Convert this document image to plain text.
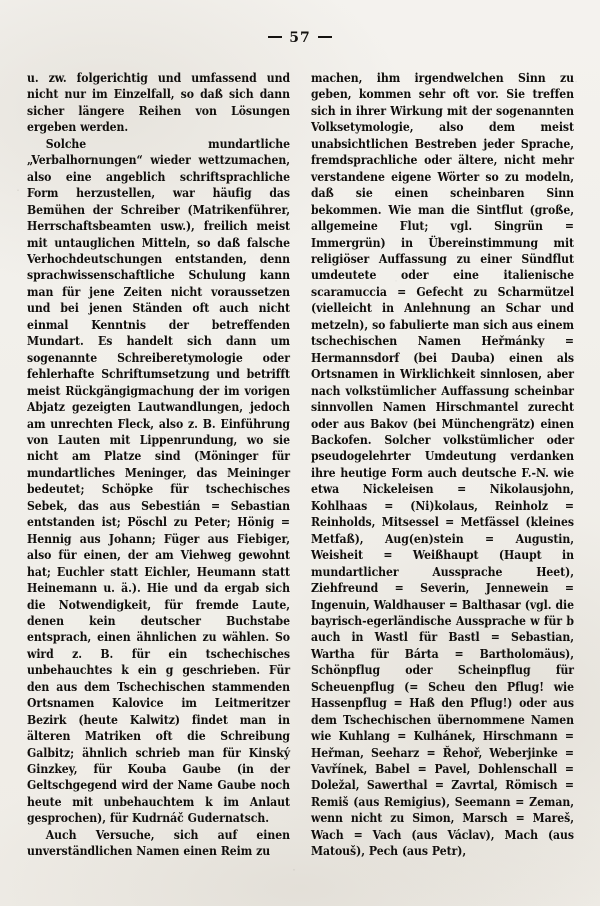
57

u. zw. folgerichtig und umfassend und nicht nur im Einzelfall, so daß sich dann sicher längere Reihen von Lösungen ergeben werden.

Solche mundartliche „Verbalhornungen“ wieder wettzumachen, also eine angeblich schriftsprachliche Form herzustellen, war häufig das Bemühen der Schreiber (Matrikenführer, Herrschaftsbeamten usw.), freilich meist mit untauglichen Mitteln, so daß falsche Verhochdeutschungen entstanden, denn sprachwissenschaftliche Schulung kann man für jene Zeiten nicht voraussetzen und bei jenen Ständen oft auch nicht einmal Kenntnis der betreffenden Mundart. Es handelt sich dann um sogenannte Schreiberetymologie oder fehlerhafte Schriftumsetzung und betrifft meist Rückgängigmachung der im vorigen Abjatz gezeigten Lautwandlungen, jedoch am unrechten Fleck, also z. B. Einführung von Lauten mit Lippenrundung, wo sie nicht am Platze sind (Möninger für mundartliches Meninger, das Meininger bedeutet; Schöpke für tschechisches Sebek, das aus Sebestián = Sebastian entstanden ist; Pöschl zu Peter; Hönig = Hennig aus Johann; Füger aus Fiebiger, also für einen, der am Viehweg gewohnt hat; Euchler statt Eichler, Heumann statt Heinemann u. ä.). Hie und da ergab sich die Notwendigkeit, für fremde Laute, denen kein deutscher Buchstabe entsprach, einen ähnlichen zu wählen. So wird z. B. für ein tschechisches unbehauchtes k ein g geschrieben. Für den aus dem Tschechischen stammenden Ortsnamen Kalovice im Leitmeritzer Bezirk (heute Kalwitz) findet man in älteren Matriken oft die Schreibung Galbitz; ähnlich schrieb man für Kinský Ginzkey, für Kouba Gaube (in der Geltschgegend wird der Name Gaube noch heute mit unbehauchtem k im Anlaut gesprochen), für Kudrnáč Gudernatsch.

Auch Versuche, sich auf einen unverständlichen Namen einen Reim zu

machen, ihm irgendwelchen Sinn zu geben, kommen sehr oft vor. Sie treffen sich in ihrer Wirkung mit der sogenannten Volksetymologie, also dem meist unabsichtlichen Bestreben jeder Sprache, fremdsprachliche oder ältere, nicht mehr verstandene eigene Wörter so zu modeln, daß sie einen scheinbaren Sinn bekommen. Wie man die Sintflut (große, allgemeine Flut; vgl. Singrün = Immergrün) in Übereinstimmung mit religiöser Auffassung zu einer Sündflut umdeutete oder eine italienische scaramuccia = Gefecht zu Scharmützel (vielleicht in Anlehnung an Schar und metzeln), so fabulierte man sich aus einem tschechischen Namen Heřmánky = Hermannsdorf (bei Dauba) einen als Ortsnamen in Wirklichkeit sinnlosen, aber nach volkstümlicher Auffassung scheinbar sinnvollen Namen Hirschmantel zurecht oder aus Bakov (bei Münchengrätz) einen Backofen. Solcher volkstümlicher oder pseudogelehrter Umdeutung verdanken ihre heutige Form auch deutsche F.-N. wie etwa Nickeleisen = Nikolausjohn, Kohlhaas = (Ni)kolaus, Reinholz = Reinholds, Mitsessel = Metfässel (kleines Metfaß), Aug(en)stein = Augustin, Weisheit = Weißhaupt (Haupt in mundartlicher Aussprache Heet), Ziehfreund = Severin, Jennewein = Ingenuin, Waldhauser = Balthasar (vgl. die bayrisch-egerländische Aussprache w für b auch in Wastl für Bastl = Sebastian, Wartha für Bárta = Bartholomäus), Schönpflug oder Scheinpflug für Scheuenpflug (= Scheu den Pflug! wie Hassenpflug = Haß den Pflug!) oder aus dem Tschechischen übernommene Namen wie Kuhlang = Kulhánek, Hirschmann = Heřman, Seeharz = Řehoř, Weberjinke = Vavřínek, Babel = Pavel, Dohlenschall = Doležal, Sawerthal = Zavrtal, Römisch = Remiš (aus Remigius), Seemann = Zeman, wenn nicht zu Simon, Marsch = Mareš, Wach = Vach (aus Václav), Mach (aus Matouš), Pech (aus Petr),
